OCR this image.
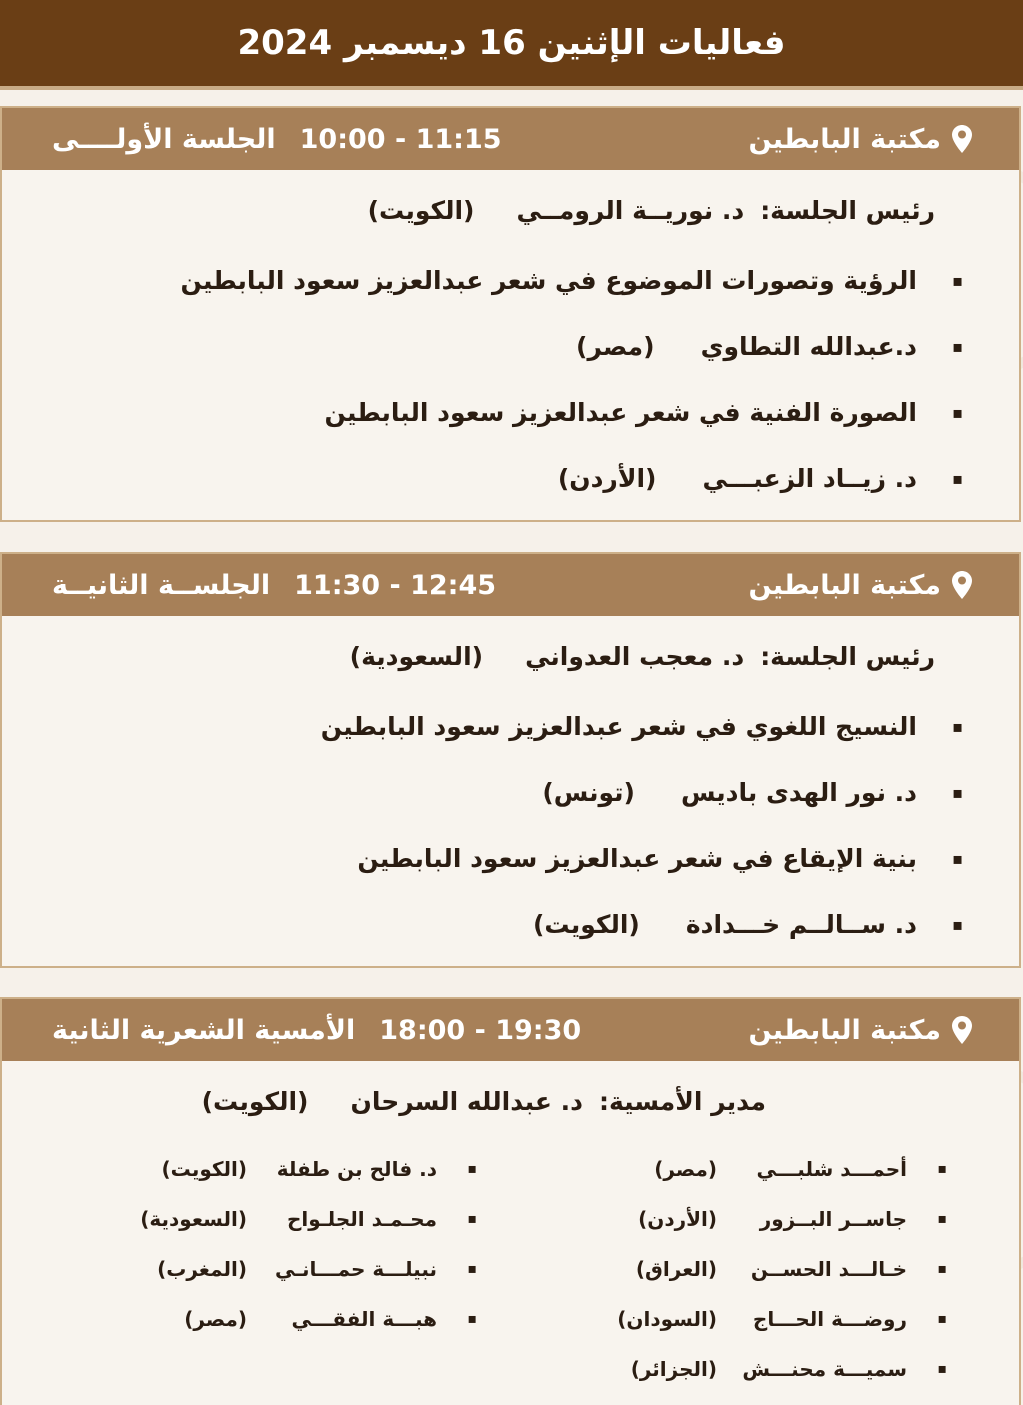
فعاليات الإثنين 16 ديسمبر 2024
10:00 - 11:15
الجلسة الأولــــى	مكتبة البابطين
رئيس الجلسة:
د. نوريــة الرومــي
(الكويت)
▪
الرؤية وتصورات الموضوع في شعر عبدالعزيز سعود البابطين
▪
د.عبدالله التطاوي
(مصر)
▪
الصورة الفنية في شعر عبدالعزيز سعود البابطين
▪
د. زيــاد الزعبـــي
(الأردن)
11:30 - 12:45
الجلســة الثانيــة	مكتبة البابطين
رئيس الجلسة:
د. معجب العدواني
(السعودية)
▪
النسيج اللغوي في شعر عبدالعزيز سعود البابطين
▪
د. نور الهدى باديس
(تونس)
▪
بنية الإيقاع في شعر عبدالعزيز سعود البابطين
▪
د. ســالــم خـــدادة
(الكويت)
18:00 - 19:30
الأمسية الشعرية الثانية	مكتبة البابطين
مدير الأمسية:
د. عبدالله السرحان
(الكويت)
▪
أحمـــد شلبـــي
(مصر)
▪
جاســر البــزور
(الأردن)
▪
خـالـــد الحســن
(العراق)
▪
روضـــة الحـــاج
(السودان)
▪
سميـــة محنـــش
(الجزائر)
▪
د. فالح بن طفلة
(الكويت)
▪
محـمـد الجلـواح
(السعودية)
▪
نبيلـــة حمـــانـي
(المغرب)
▪
هبـــة الفقـــي
(مصر)
